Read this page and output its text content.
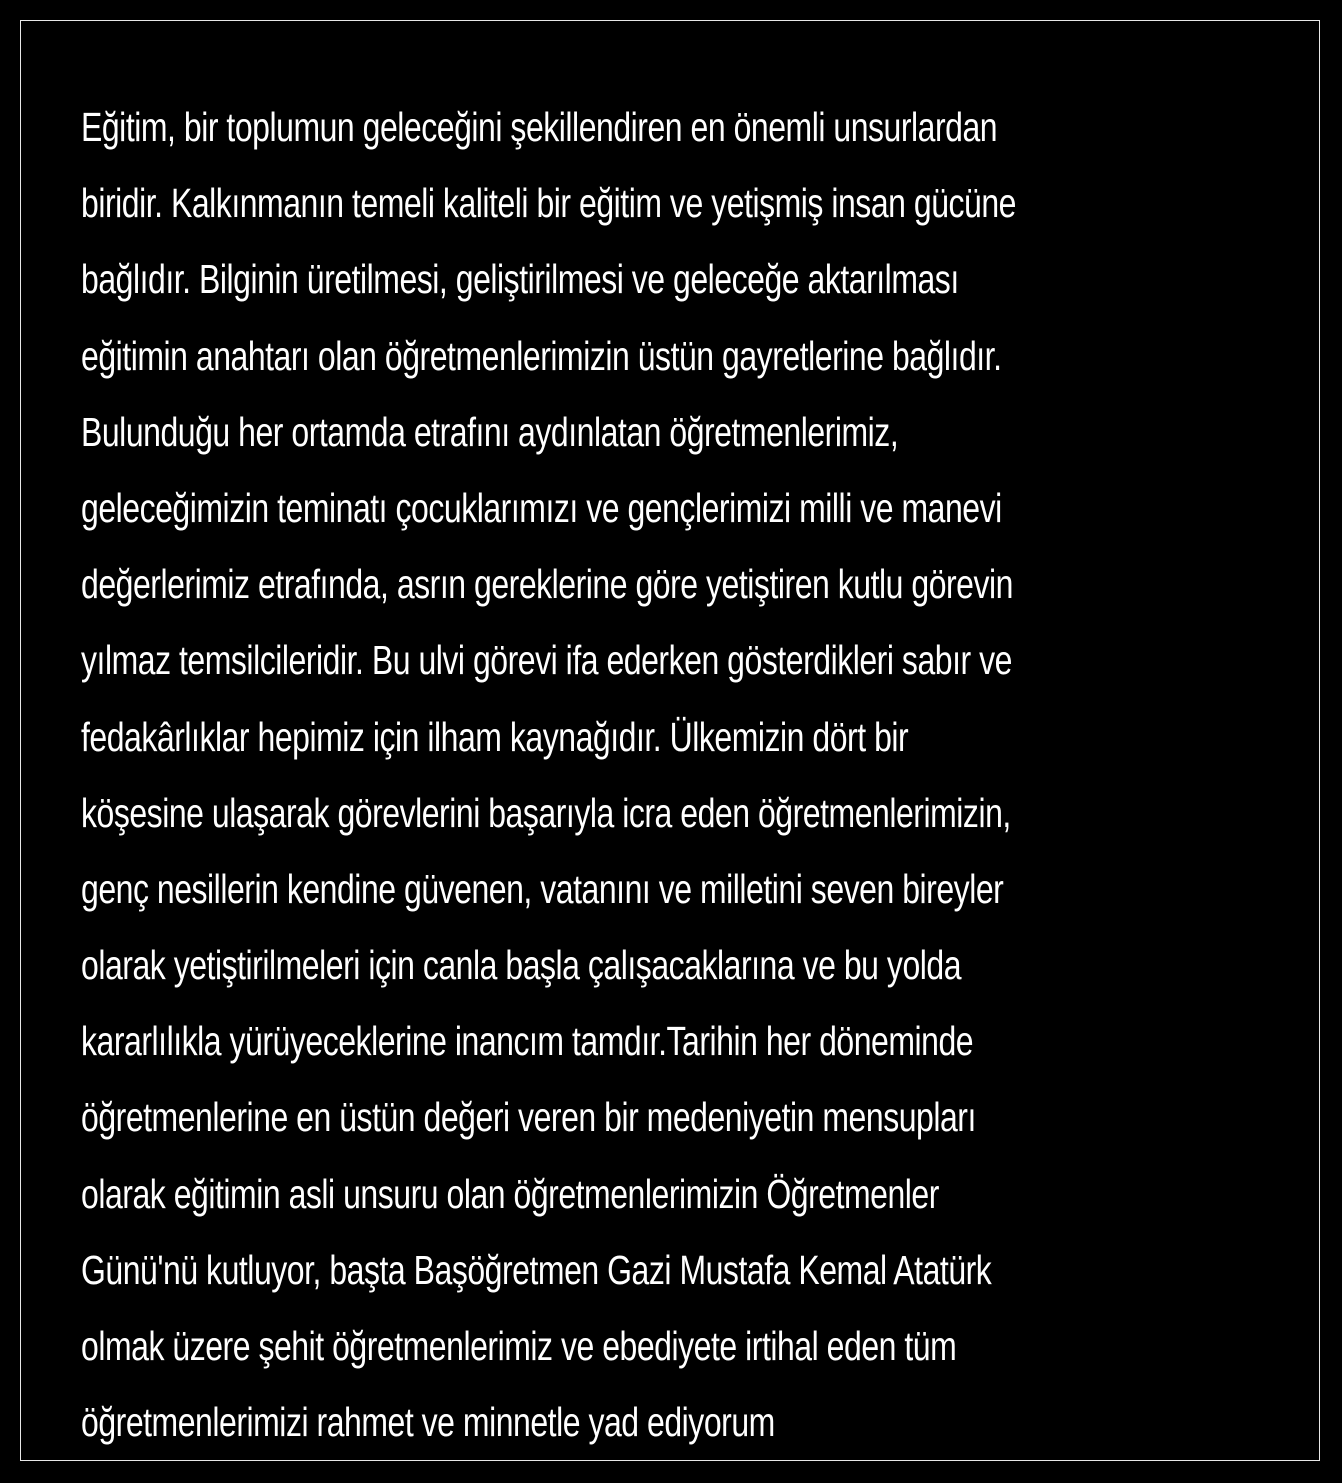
Eğitim, bir toplumun geleceğini şekillendiren en önemli unsurlardan
biridir. Kalkınmanın temeli kaliteli bir eğitim ve yetişmiş insan gücüne
bağlıdır. Bilginin üretilmesi, geliştirilmesi ve geleceğe aktarılması
eğitimin anahtarı olan öğretmenlerimizin üstün gayretlerine bağlıdır.
Bulunduğu her ortamda etrafını aydınlatan öğretmenlerimiz,
geleceğimizin teminatı çocuklarımızı ve gençlerimizi milli ve manevi
değerlerimiz etrafında, asrın gereklerine göre yetiştiren kutlu görevin
yılmaz temsilcileridir. Bu ulvi görevi ifa ederken gösterdikleri sabır ve
fedakârlıklar hepimiz için ilham kaynağıdır. Ülkemizin dört bir
köşesine ulaşarak görevlerini başarıyla icra eden öğretmenlerimizin,
genç nesillerin kendine güvenen, vatanını ve milletini seven bireyler
olarak yetiştirilmeleri için canla başla çalışacaklarına ve bu yolda
kararlılıkla yürüyeceklerine inancım tamdır.Tarihin her döneminde
öğretmenlerine en üstün değeri veren bir medeniyetin mensupları
olarak eğitimin asli unsuru olan öğretmenlerimizin Öğretmenler
Günü'nü kutluyor, başta Başöğretmen Gazi Mustafa Kemal Atatürk
olmak üzere şehit öğretmenlerimiz ve ebediyete irtihal eden tüm
öğretmenlerimizi rahmet ve minnetle yad ediyorum
